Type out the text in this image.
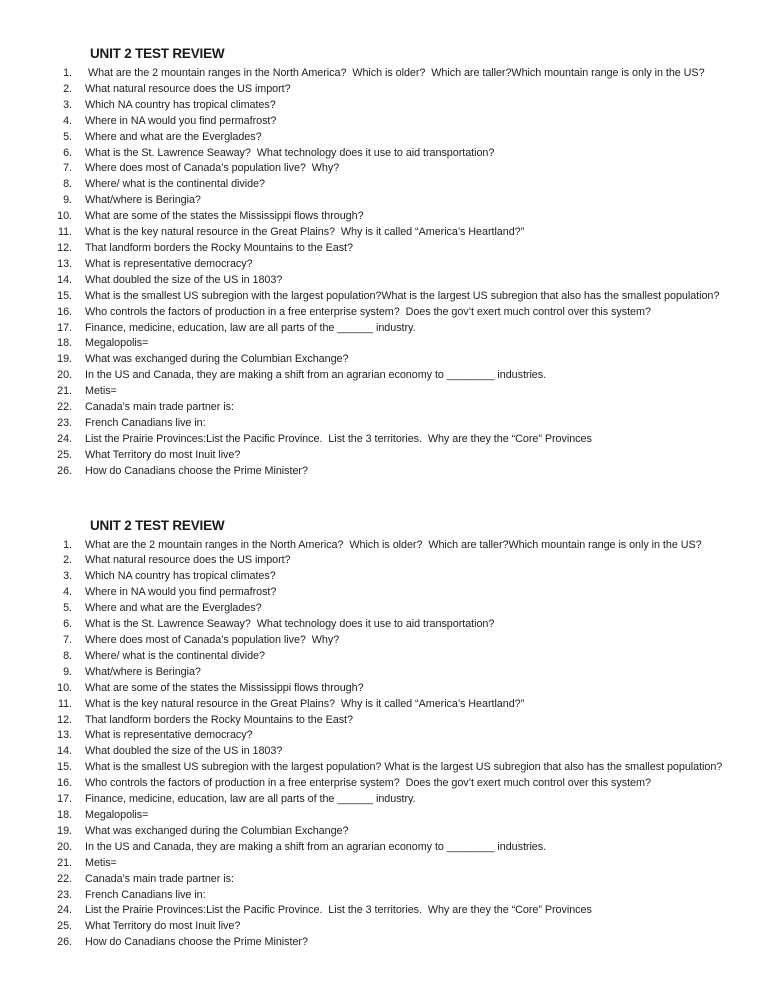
UNIT 2 TEST REVIEW
1. What are the 2 mountain ranges in the North America?  Which is older?  Which are taller?Which mountain range is only in the US?
2. What natural resource does the US import?
3. Which NA country has tropical climates?
4. Where in NA would you find permafrost?
5. Where and what are the Everglades?
6. What is the St. Lawrence Seaway?  What technology does it use to aid transportation?
7. Where does most of Canada’s population live?  Why?
8. Where/ what is the continental divide?
9. What/where is Beringia?
10. What are some of the states the Mississippi flows through?
11. What is the key natural resource in the Great Plains?  Why is it called “America’s Heartland?”
12. That landform borders the Rocky Mountains to the East?
13. What is representative democracy?
14. What doubled the size of the US in 1803?
15. What is the smallest US subregion with the largest population?What is the largest US subregion that also has the smallest population?
16. Who controls the factors of production in a free enterprise system?  Does the gov’t exert much control over this system?
17. Finance, medicine, education, law are all parts of the ______ industry.
18. Megalopolis=
19. What was exchanged during the Columbian Exchange?
20. In the US and Canada, they are making a shift from an agrarian economy to ________ industries.
21. Metis=
22. Canada’s main trade partner is:
23. French Canadians live in:
24. List the Prairie Provinces:List the Pacific Province.  List the 3 territories.  Why are they the “Core” Provinces
25. What Territory do most Inuit live?
26. How do Canadians choose the Prime Minister?
UNIT 2 TEST REVIEW
1. What are the 2 mountain ranges in the North America?  Which is older?  Which are taller?Which mountain range is only in the US?
2. What natural resource does the US import?
3. Which NA country has tropical climates?
4. Where in NA would you find permafrost?
5. Where and what are the Everglades?
6. What is the St. Lawrence Seaway?  What technology does it use to aid transportation?
7. Where does most of Canada’s population live?  Why?
8. Where/ what is the continental divide?
9. What/where is Beringia?
10. What are some of the states the Mississippi flows through?
11. What is the key natural resource in the Great Plains?  Why is it called “America’s Heartland?”
12. That landform borders the Rocky Mountains to the East?
13. What is representative democracy?
14. What doubled the size of the US in 1803?
15. What is the smallest US subregion with the largest population? What is the largest US subregion that also has the smallest population?
16. Who controls the factors of production in a free enterprise system?  Does the gov’t exert much control over this system?
17. Finance, medicine, education, law are all parts of the ______ industry.
18. Megalopolis=
19. What was exchanged during the Columbian Exchange?
20. In the US and Canada, they are making a shift from an agrarian economy to ________ industries.
21. Metis=
22. Canada’s main trade partner is:
23. French Canadians live in:
24. List the Prairie Provinces:List the Pacific Province.  List the 3 territories.  Why are they the “Core” Provinces
25. What Territory do most Inuit live?
26. How do Canadians choose the Prime Minister?
